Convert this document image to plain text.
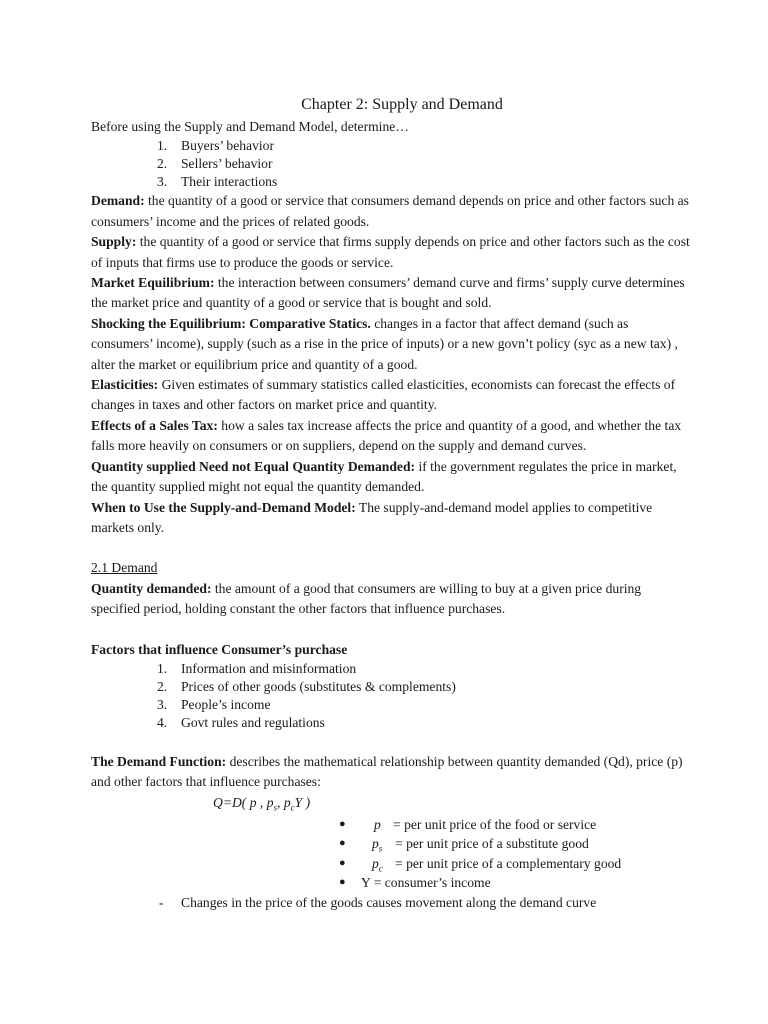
Chapter 2: Supply and Demand

Before using the Supply and Demand Model, determine…

1. Buyers’ behavior
2. Sellers’ behavior
3. Their interactions

Demand: the quantity of a good or service that consumers demand depends on price and other factors such as consumers’ income and the prices of related goods.

Supply: the quantity of a good or service that firms supply depends on price and other factors such as the cost of inputs that firms use to produce the goods or service.

Market Equilibrium: the interaction between consumers’ demand curve and firms’ supply curve determines the market price and quantity of a good or service that is bought and sold.

Shocking the Equilibrium: Comparative Statics. changes in a factor that affect demand (such as consumers’ income), supply (such as a rise in the price of inputs) or a new govn’t policy (syc as a new tax) , alter the market or equilibrium price and quantity of a good.

Elasticities: Given estimates of summary statistics called elasticities, economists can forecast the effects of changes in taxes and other factors on market price and quantity.

Effects of a Sales Tax: how a sales tax increase affects the price and quantity of a good, and whether the tax falls more heavily on consumers or on suppliers, depend on the supply and demand curves.

Quantity supplied Need not Equal Quantity Demanded: if the government regulates the price in market, the quantity supplied might not equal the quantity demanded.

When to Use the Supply-and-Demand Model: The supply-and-demand model applies to competitive markets only.

2.1 Demand

Quantity demanded: the amount of a good that consumers are willing to buy at a given price during specified period, holding constant the other factors that influence purchases.

Factors that influence Consumer’s purchase

1. Information and misinformation
2. Prices of other goods (substitutes & complements)
3. People’s income
4. Govt rules and regulations

The Demand Function: describes the mathematical relationship between quantity demanded (Qd), price (p) and other factors that influence purchases:

Q=D( p , $p_s$, $p_cY$ )
● p = per unit price of the food or service
● $p_s$ = per unit price of a substitute good
● $p_c$ = per unit price of a complementary good
● Y = consumer’s income
- Changes in the price of the goods causes movement along the demand curve
